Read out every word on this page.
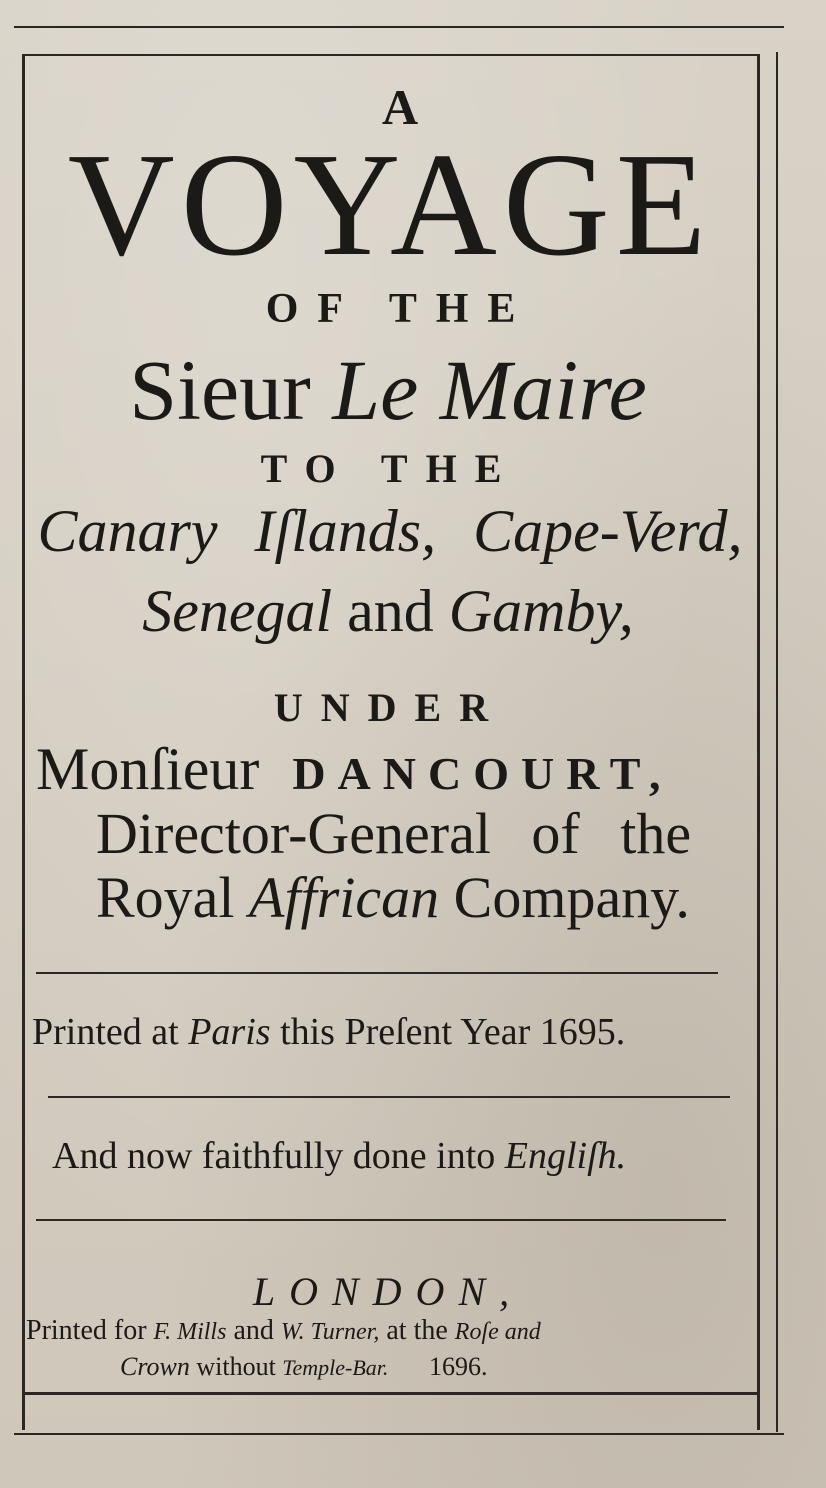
A
VOYAGE
OF THE
Sieur Le Maire
TO THE
Canary Iſlands, Cape-Verd,
Senegal and Gamby,
UNDER
Monſieur DANCOURT,
Director-General of the
Royal Affrican Company.
Printed at Paris this Preſent Year 1695.
And now faithfully done into Engliſh.
LONDON,
Printed for F. Mills and W. Turner, at the Roſe and
Crown without Temple-Bar. 1696.
